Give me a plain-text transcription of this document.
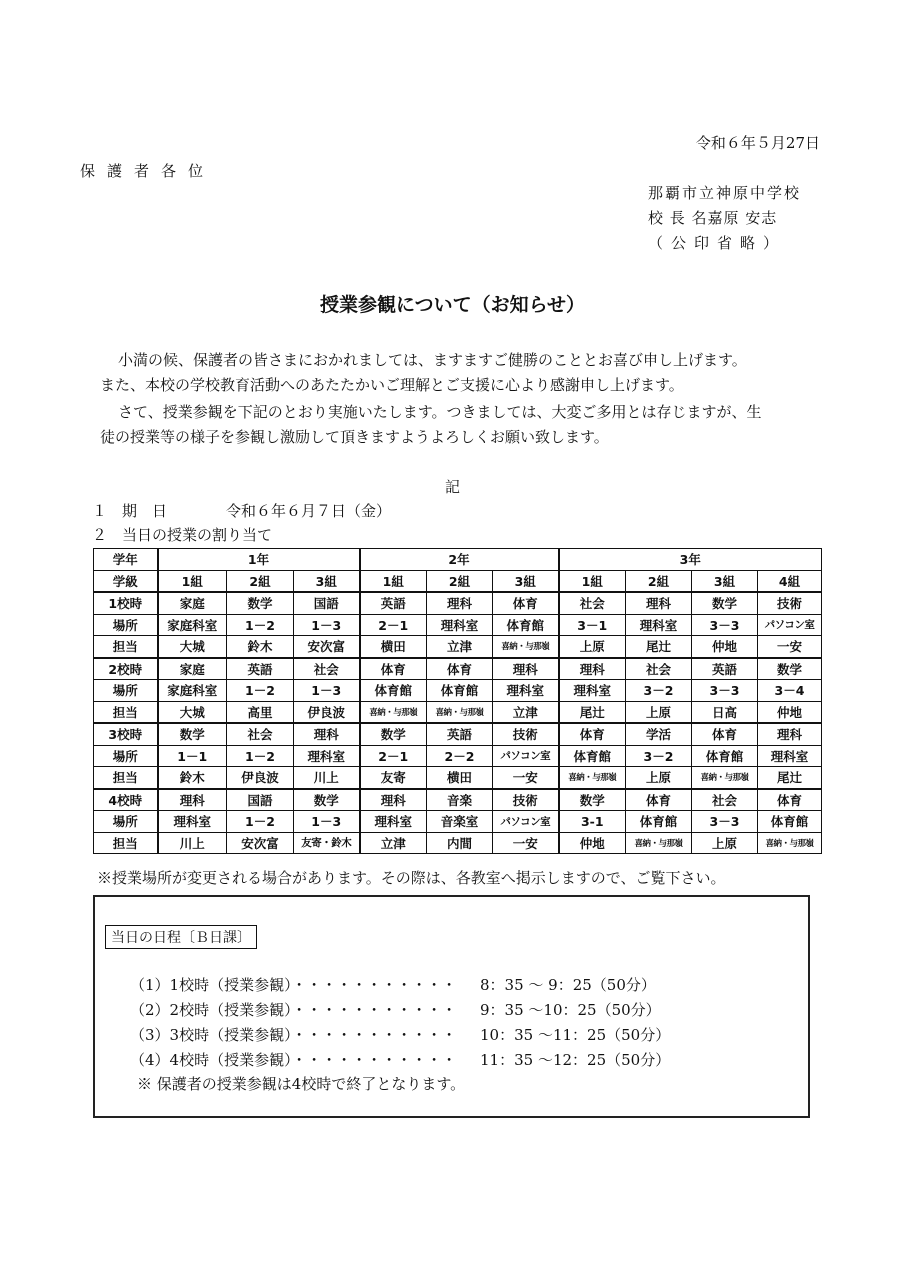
令和６年５月27日
保護者各位
那覇市立神原中学校
校 長 名嘉原 安志
（公印省略）
授業参観について（お知らせ）
小満の候、保護者の皆さまにおかれましては、ますますご健勝のこととお喜び申し上げます。
また、本校の学校教育活動へのあたたかいご理解とご支援に心より感謝申し上げます。
さて、授業参観を下記のとおり実施いたします。つきましては、大変ご多用とは存じますが、生
徒の授業等の様子を参観し激励して頂きますようよろしくお願い致します。
記
１　期　日	令和６年６月７日（金）
２　当日の授業の割り当て
学年	1年			2年			3年			
学級	1組	2組	3組	1組	2組	3組	1組	2組	3組	4組
1校時	家庭	数学	国語	英語	理科	体育	社会	理科	数学	技術
場所	家庭科室	1－2	1－3	2－1	理科室	体育館	3－1	理科室	3－3	パソコン室
担当	大城	鈴木	安次富	横田	立津	喜納・与那嶺	上原	尾辻	仲地	一安
2校時	家庭	英語	社会	体育	体育	理科	理科	社会	英語	数学
場所	家庭科室	1－2	1－3	体育館	体育館	理科室	理科室	3－2	3－3	3－4
担当	大城	高里	伊良波	喜納・与那嶺	喜納・与那嶺	立津	尾辻	上原	日高	仲地
3校時	数学	社会	理科	数学	英語	技術	体育	学活	体育	理科
場所	1－1	1－2	理科室	2－1	2－2	パソコン室	体育館	3－2	体育館	理科室
担当	鈴木	伊良波	川上	友寄	横田	一安	喜納・与那嶺	上原	喜納・与那嶺	尾辻
4校時	理科	国語	数学	理科	音楽	技術	数学	体育	社会	体育
場所	理科室	1－2	1－3	理科室	音楽室	パソコン室	3-1	体育館	3－3	体育館
担当	川上	安次富	友寄・鈴木	立津	内間	一安	仲地	喜納・与那嶺	上原	喜納・与那嶺
※授業場所が変更される場合があります。その際は、各教室へ掲示しますので、ご覧下さい。
当日の日程〔Ｂ日課〕
（1）1校時（授業参観）・・・・・・・・・・・ 8：35 ～ 9：25（50分）
（2）2校時（授業参観）・・・・・・・・・・・ 9：35 ～10：25（50分）
（3）3校時（授業参観）・・・・・・・・・・・ 10：35 ～11：25（50分）
（4）4校時（授業参観）・・・・・・・・・・・ 11：35 ～12：25（50分）
※ 保護者の授業参観は4校時で終了となります。
